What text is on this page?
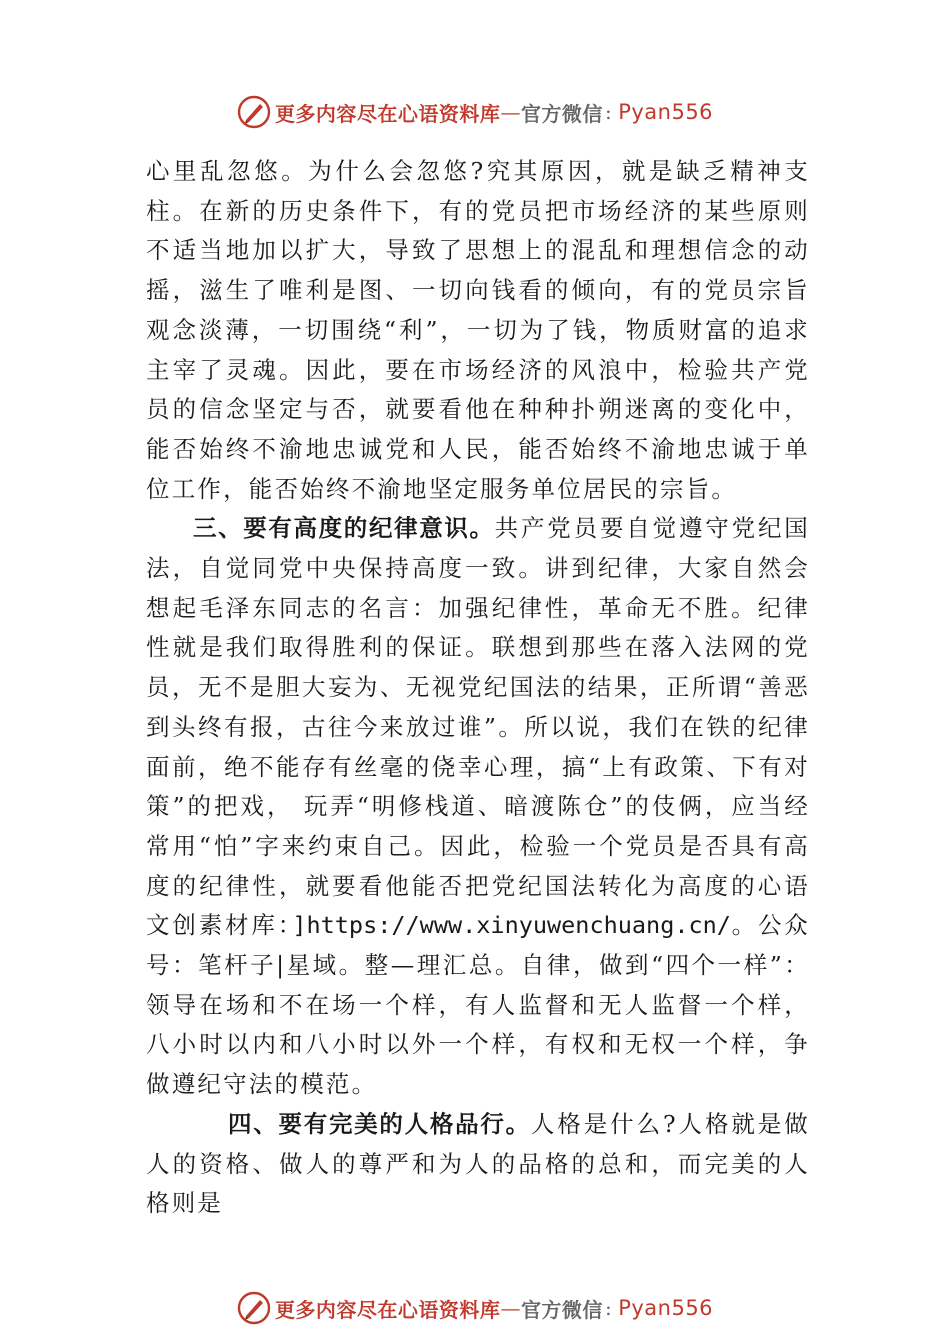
更多内容尽在心语资料库 — 官方微信 : Pyan556

心里乱忽悠。为什么会忽悠?究其原因，就是缺乏精神支柱。在新的历史条件下，有的党员把市场经济的某些原则不适当地加以扩大，导致了思想上的混乱和理想信念的动摇，滋生了唯利是图、一切向钱看的倾向，有的党员宗旨观念淡薄，一切围绕“利”，一切为了钱，物质财富的追求主宰了灵魂。因此，要在市场经济的风浪中，检验共产党员的信念坚定与否，就要看他在种种扑朔迷离的变化中，能否始终不渝地忠诚党和人民，能否始终不渝地忠诚于单位工作，能否始终不渝地坚定服务单位居民的宗旨。

三、要有高度的纪律意识。共产党员要自觉遵守党纪国法，自觉同党中央保持高度一致。讲到纪律，大家自然会想起毛泽东同志的名言：加强纪律性，革命无不胜。纪律性就是我们取得胜利的保证。联想到那些在落入法网的党员，无不是胆大妄为、无视党纪国法的结果，正所谓“善恶到头终有报，古往今来放过谁”。所以说，我们在铁的纪律面前，绝不能存有丝毫的侥幸心理，搞“上有政策、下有对策”的把戏， 玩弄“明修栈道、暗渡陈仓”的伎俩，应当经常用“怕”字来约束自己。因此，检验一个党员是否具有高度的纪律性，就要看他能否把党纪国法转化为高度的心语文创素材库：]https://www.xinyuwenchuang.cn/。公众号：笔杆子|星域。整—理汇总。自律，做到“四个一样”： 领导在场和不在场一个样，有人监督和无人监督一个样，八小时以内和八小时以外一个样，有权和无权一个样，争做遵纪守法的模范。

四、要有完美的人格品行。人格是什么?人格就是做人的资格、做人的尊严和为人的品格的总和，而完美的人格则是

更多内容尽在心语资料库 — 官方微信 : Pyan556
